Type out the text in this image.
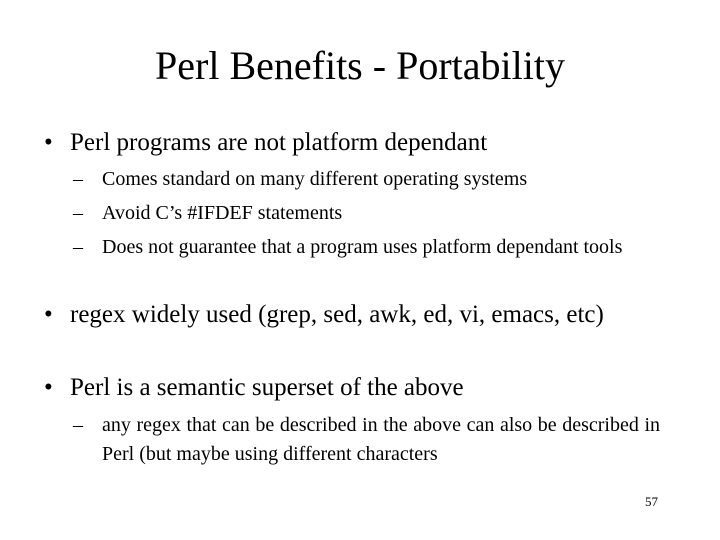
Perl Benefits - Portability
• Perl programs are not platform dependant

– Comes standard on many different operating systems

– Avoid C’s #IFDEF statements

– Does not guarantee that a program uses platform dependant tools

• regex widely used (grep, sed, awk, ed, vi, emacs, etc)

• Perl is a semantic superset of the above

– any regex that can be described in the above can also be described in Perl (but maybe using different characters

57
